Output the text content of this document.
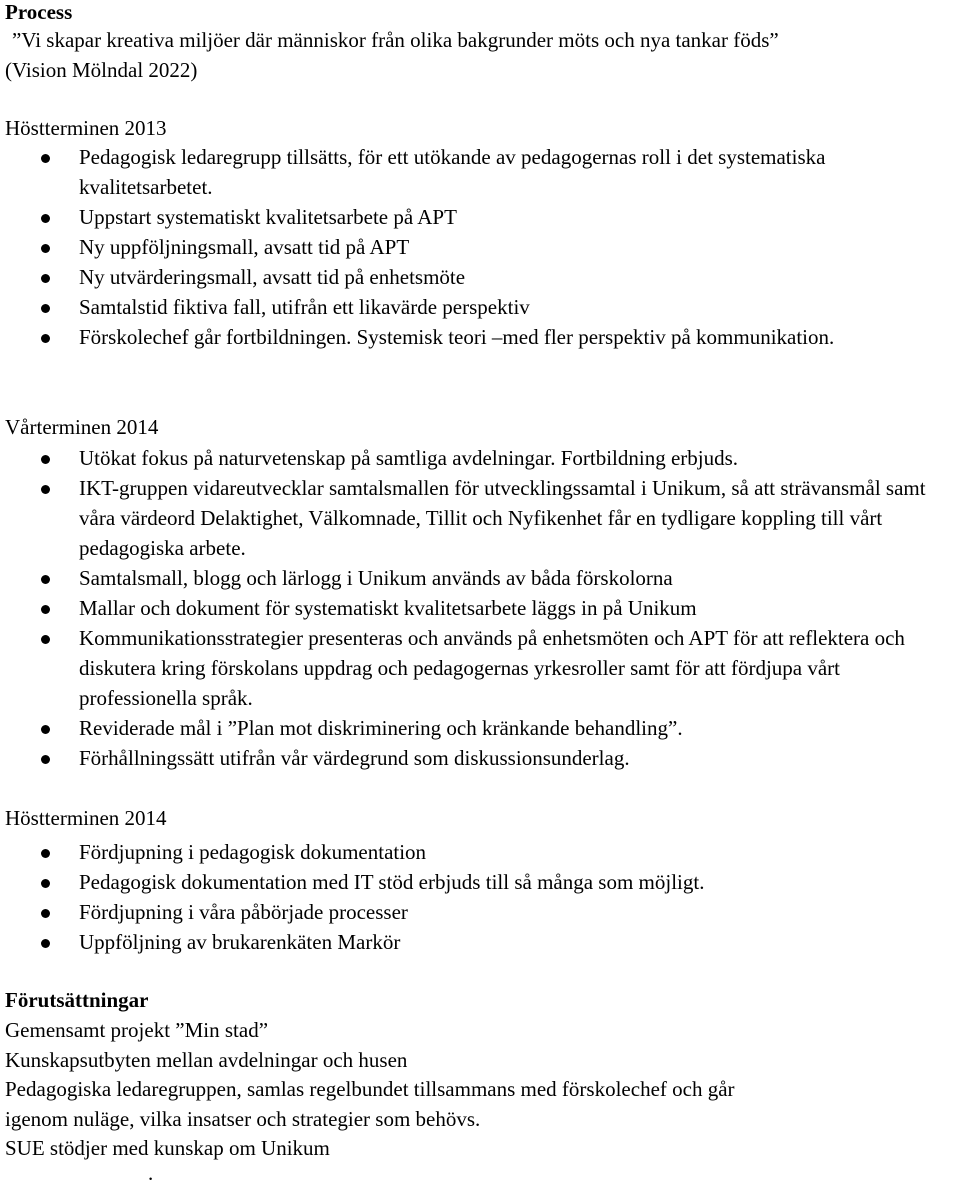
Process
”Vi skapar kreativa miljöer där människor från olika bakgrunder möts och nya tankar föds”
(Vision Mölndal 2022)
Höstterminen 2013
Pedagogisk ledaregrupp tillsätts, för ett utökande av pedagogernas roll i det systematiska kvalitetsarbetet.
Uppstart systematiskt kvalitetsarbete på APT
Ny uppföljningsmall, avsatt tid på APT
Ny utvärderingsmall, avsatt tid på enhetsmöte
Samtalstid fiktiva fall, utifrån ett likavärde perspektiv
Förskolechef går fortbildningen. Systemisk teori –med fler perspektiv på kommunikation.
Vårterminen 2014
Utökat fokus på naturvetenskap på samtliga avdelningar. Fortbildning erbjuds.
IKT-gruppen vidareutvecklar samtalsmallen för utvecklingssamtal i Unikum, så att strävansmål samt våra värdeord Delaktighet, Välkomnade, Tillit och Nyfikenhet får en tydligare koppling till vårt pedagogiska arbete.
Samtalsmall, blogg och lärlogg i Unikum används av båda förskolorna
Mallar och dokument för systematiskt kvalitetsarbete läggs in på Unikum
Kommunikationsstrategier presenteras och används på enhetsmöten och APT för att reflektera och diskutera kring förskolans uppdrag och pedagogernas yrkesroller samt för att fördjupa vårt professionella språk.
Reviderade mål i ”Plan mot diskriminering och kränkande behandling”.
Förhållningssätt utifrån vår värdegrund som diskussionsunderlag.
Höstterminen 2014
Fördjupning i pedagogisk dokumentation
Pedagogisk dokumentation med IT stöd erbjuds till så många som möjligt.
Fördjupning i våra påbörjade processer
Uppföljning av brukarenkäten Markör
Förutsättningar
Gemensamt projekt ”Min stad”
Kunskapsutbyten mellan avdelningar och husen
Pedagogiska ledaregruppen, samlas regelbundet tillsammans med förskolechef och går
igenom nuläge, vilka insatser och strategier som behövs.
SUE stödjer med kunskap om Unikum
.
